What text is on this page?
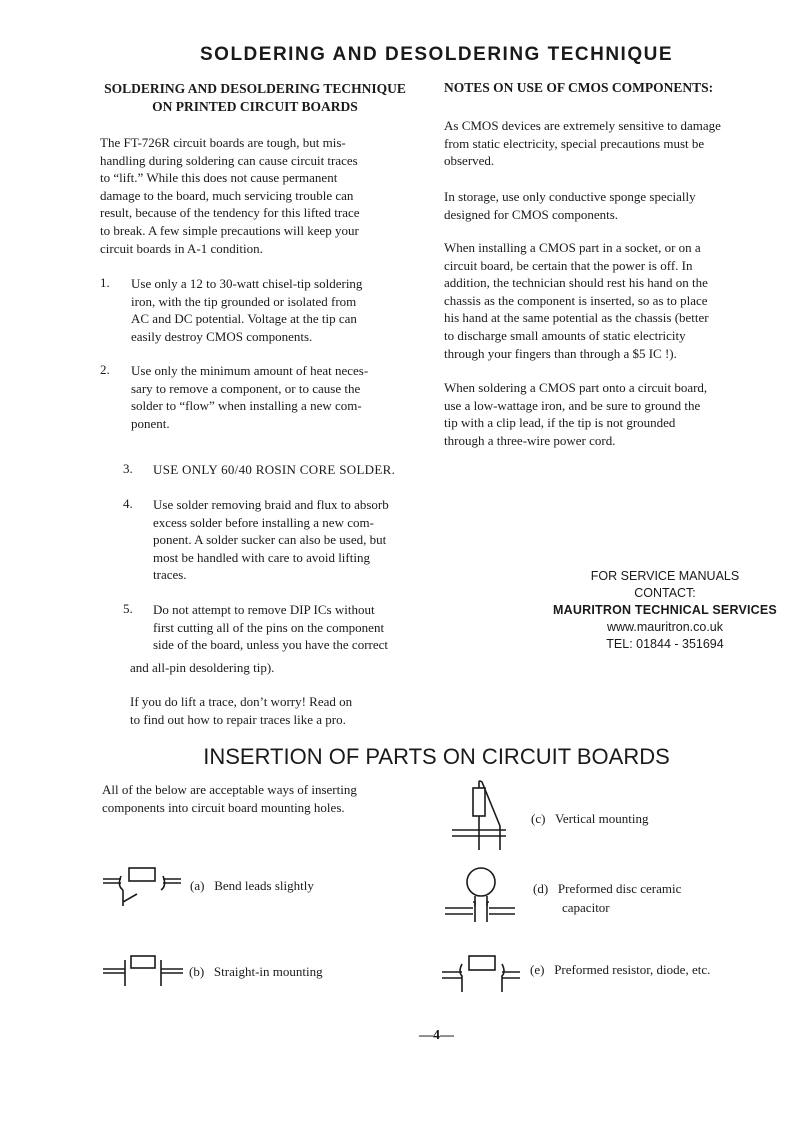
SOLDERING AND DESOLDERING TECHNIQUE
SOLDERING AND DESOLDERING TECHNIQUE
ON PRINTED CIRCUIT BOARDS
The FT-726R circuit boards are tough, but mis-
handling during soldering can cause circuit traces
to “lift.” While this does not cause permanent
damage to the board, much servicing trouble can
result, because of the tendency for this lifted trace
to break. A few simple precautions will keep your
circuit boards in A-1 condition.
1. Use only a 12 to 30-watt chisel-tip soldering
iron, with the tip grounded or isolated from
AC and DC potential. Voltage at the tip can
easily destroy CMOS components.
2. Use only the minimum amount of heat neces-
sary to remove a component, or to cause the
solder to “flow” when installing a new com-
ponent.
3. USE ONLY 60/40 ROSIN CORE SOLDER.
4. Use solder removing braid and flux to absorb
excess solder before installing a new com-
ponent. A solder sucker can also be used, but
most be handled with care to avoid lifting
traces.
5. Do not attempt to remove DIP ICs without
first cutting all of the pins on the component
side of the board, unless you have the correct
and all-pin desoldering tip).
If you do lift a trace, don’t worry! Read on
to find out how to repair traces like a pro.
NOTES ON USE OF CMOS COMPONENTS:
As CMOS devices are extremely sensitive to damage
from static electricity, special precautions must be
observed.
In storage, use only conductive sponge specially
designed for CMOS components.
When installing a CMOS part in a socket, or on a
circuit board, be certain that the power is off. In
addition, the technician should rest his hand on the
chassis as the component is inserted, so as to place
his hand at the same potential as the chassis (better
to discharge small amounts of static electricity
through your fingers than through a $5 IC !).
When soldering a CMOS part onto a circuit board,
use a low-wattage iron, and be sure to ground the
tip with a clip lead, if the tip is not grounded
through a three-wire power cord.
FOR SERVICE MANUALS
CONTACT:
MAURITRON TECHNICAL SERVICES
www.mauritron.co.uk
TEL: 01844 - 351694
INSERTION OF PARTS ON CIRCUIT BOARDS
All of the below are acceptable ways of inserting
components into circuit board mounting holes.
(a) Bend leads slightly
(b) Straight-in mounting
(c) Vertical mounting
(d) Preformed disc ceramic
capacitor
(e) Preformed resistor, diode, etc.
—4—
